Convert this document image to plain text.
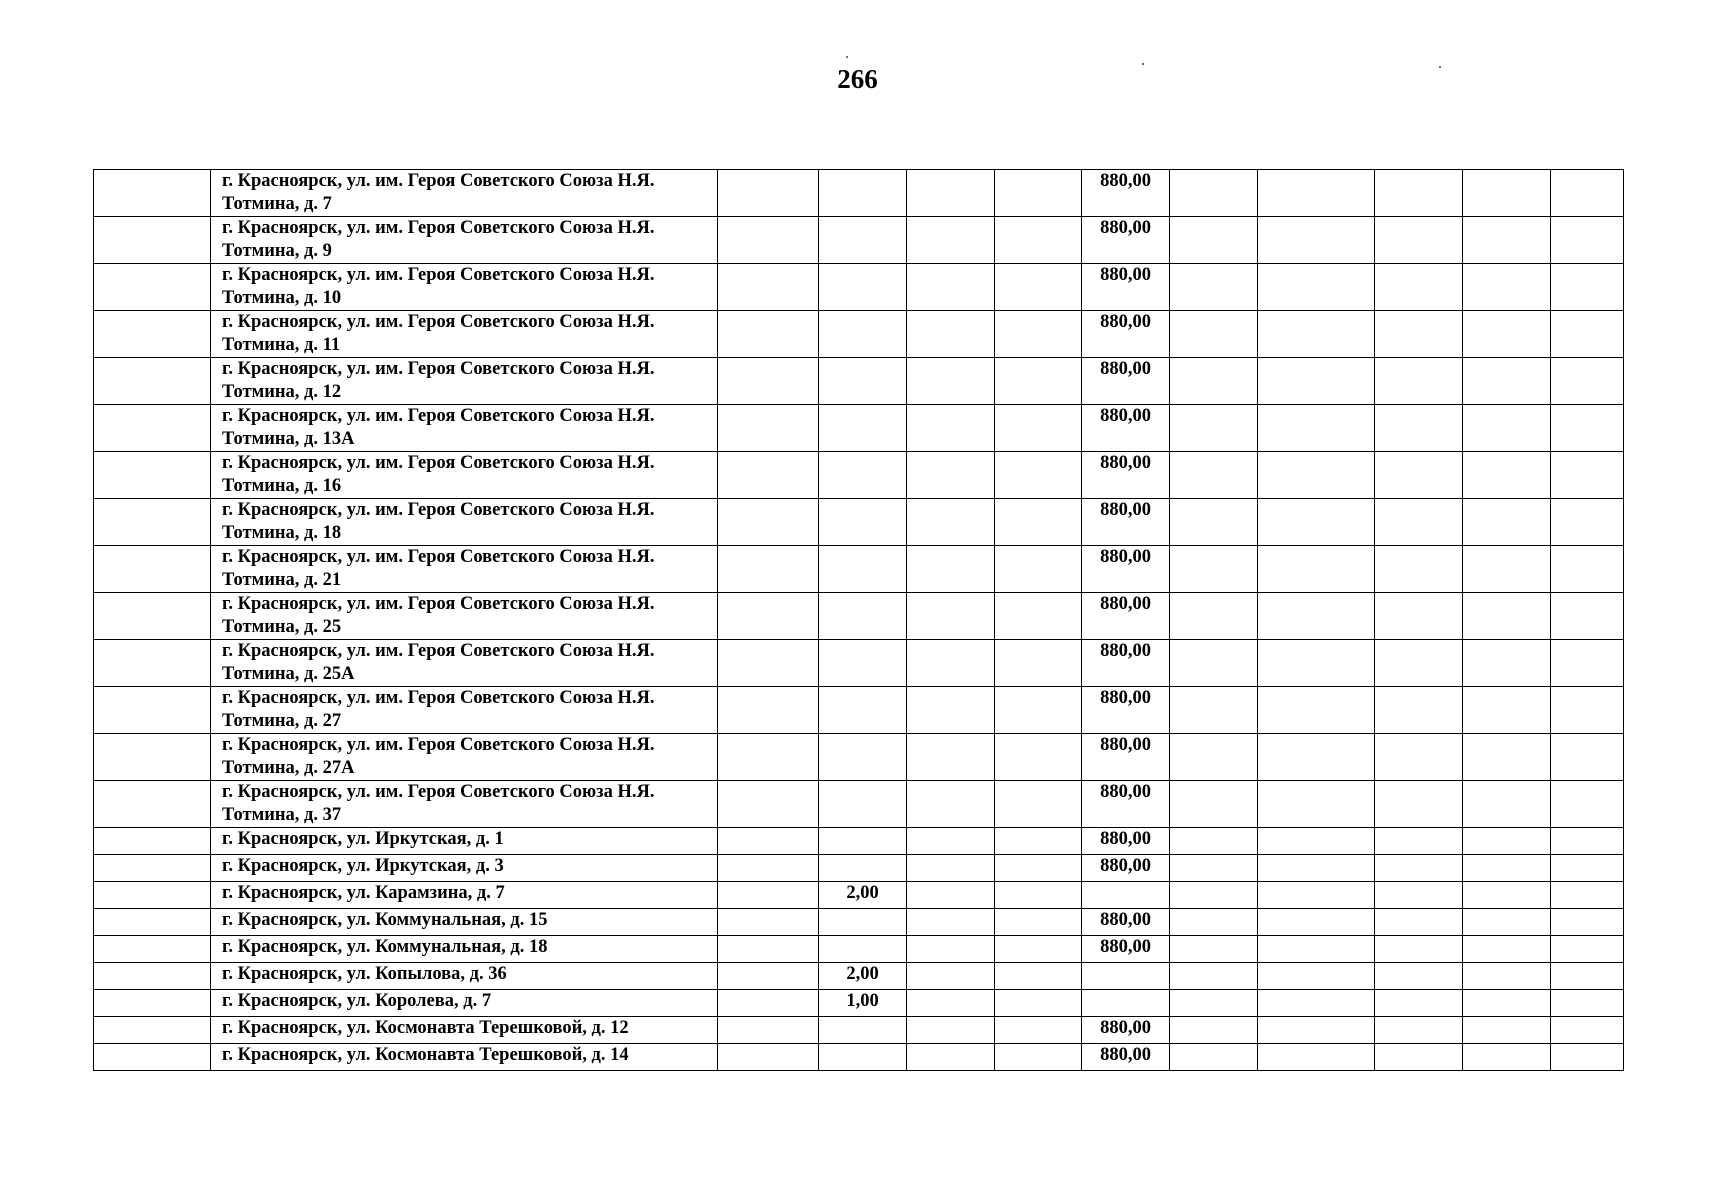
266

	г. Красноярск, ул. им. Героя Советского Союза Н.Я.
Тотмина, д. 7					880,00					

	г. Красноярск, ул. им. Героя Советского Союза Н.Я.
Тотмина, д. 9					880,00					

	г. Красноярск, ул. им. Героя Советского Союза Н.Я.
Тотмина, д. 10					880,00					

	г. Красноярск, ул. им. Героя Советского Союза Н.Я.
Тотмина, д. 11					880,00					

	г. Красноярск, ул. им. Героя Советского Союза Н.Я.
Тотмина, д. 12					880,00					

	г. Красноярск, ул. им. Героя Советского Союза Н.Я.
Тотмина, д. 13А					880,00					

	г. Красноярск, ул. им. Героя Советского Союза Н.Я.
Тотмина, д. 16					880,00					

	г. Красноярск, ул. им. Героя Советского Союза Н.Я.
Тотмина, д. 18					880,00					

	г. Красноярск, ул. им. Героя Советского Союза Н.Я.
Тотмина, д. 21					880,00					

	г. Красноярск, ул. им. Героя Советского Союза Н.Я.
Тотмина, д. 25					880,00					

	г. Красноярск, ул. им. Героя Советского Союза Н.Я.
Тотмина, д. 25А					880,00					

	г. Красноярск, ул. им. Героя Советского Союза Н.Я.
Тотмина, д. 27					880,00					

	г. Красноярск, ул. им. Героя Советского Союза Н.Я.
Тотмина, д. 27А					880,00					

	г. Красноярск, ул. им. Героя Советского Союза Н.Я.
Тотмина, д. 37					880,00					

	г. Красноярск, ул. Иркутская, д. 1					880,00					

	г. Красноярск, ул. Иркутская, д. 3					880,00					

	г. Красноярск, ул. Карамзина, д. 7		2,00								

	г. Красноярск, ул. Коммунальная, д. 15					880,00					

	г. Красноярск, ул. Коммунальная, д. 18					880,00					

	г. Красноярск, ул. Копылова, д. 36		2,00								

	г. Красноярск, ул. Королева, д. 7		1,00								

	г. Красноярск, ул. Космонавта Терешковой, д. 12					880,00					

	г. Красноярск, ул. Космонавта Терешковой, д. 14					880,00					
